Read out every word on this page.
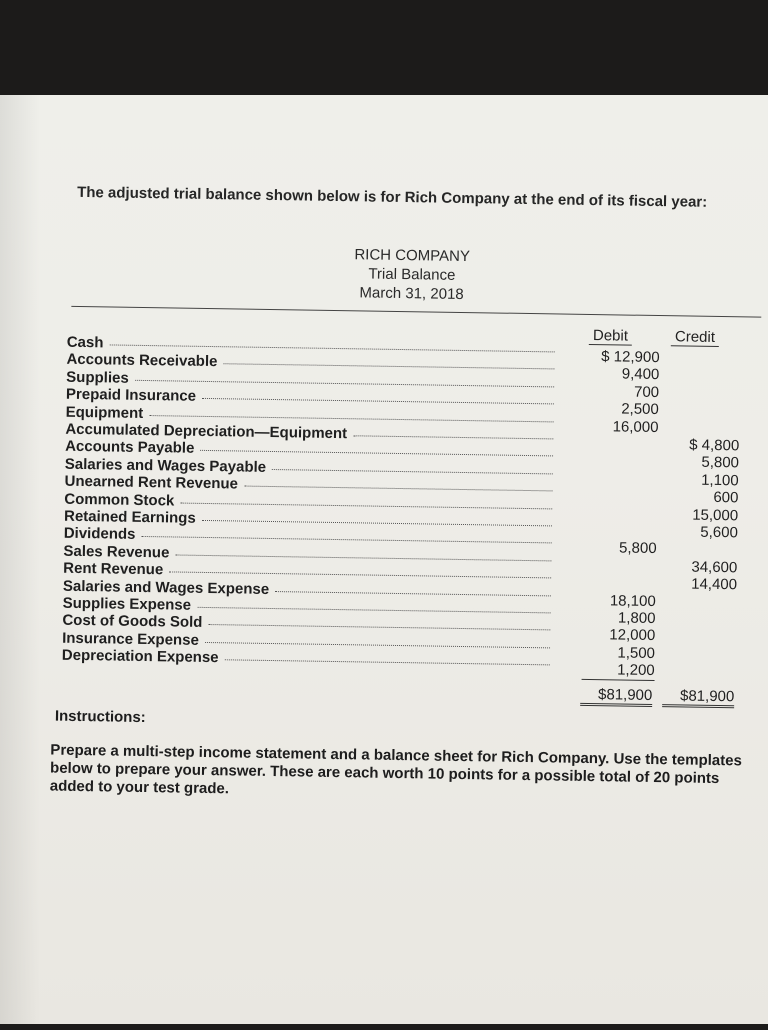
The adjusted trial balance shown below is for Rich Company at the end of its fiscal year:
RICH COMPANY
Trial Balance
March 31, 2018
Debit	Credit
Cash
$ 12,900
Accounts Receivable
9,400
Supplies
700
Prepaid Insurance
2,500
Equipment
16,000
Accumulated Depreciation—Equipment
$ 4,800
Accounts Payable
5,800
Salaries and Wages Payable
1,100
Unearned Rent Revenue
600
Common Stock
15,000
Retained Earnings
5,600
Dividends
5,800
Sales Revenue
34,600
Rent Revenue
14,400
Salaries and Wages Expense
18,100
Supplies Expense
1,800
Cost of Goods Sold
12,000
Insurance Expense
1,500
Depreciation Expense
1,200
$81,900	$81,900
Instructions:
Prepare a multi-step income statement and a balance sheet for Rich Company. Use the templates below to prepare your answer. These are each worth 10 points for a possible total of 20 points added to your test grade.
